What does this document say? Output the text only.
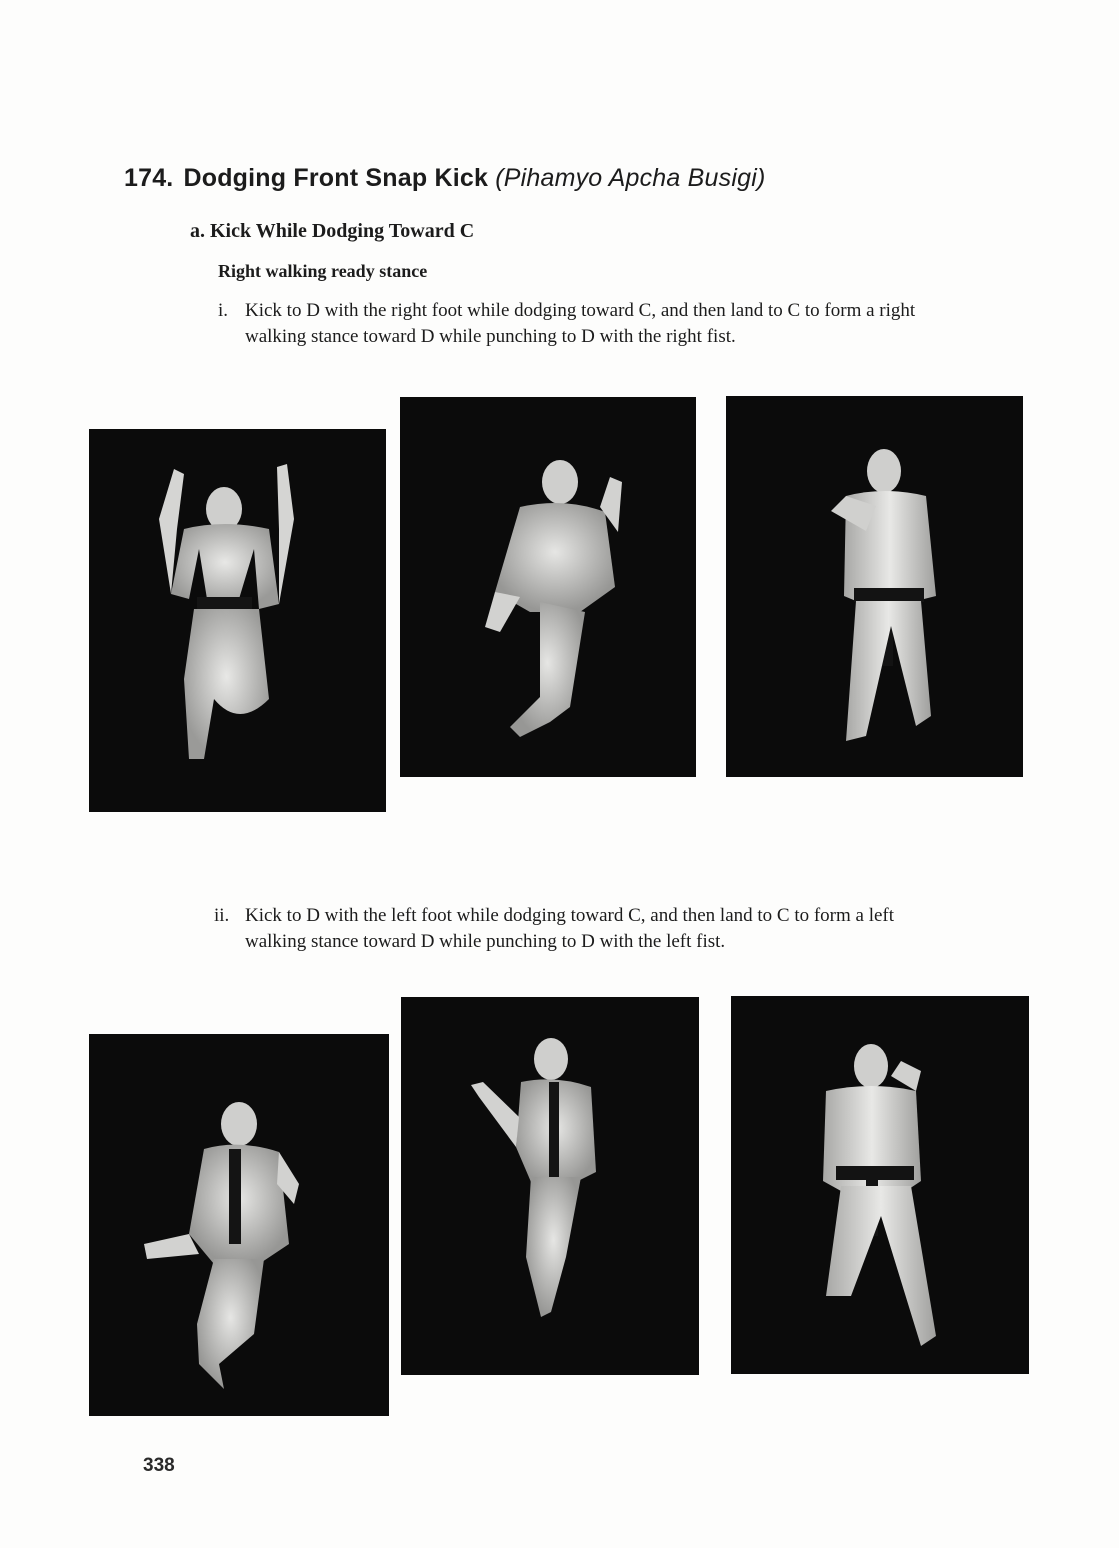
174. Dodging Front Snap Kick (Pihamyo Apcha Busigi)
a. Kick While Dodging Toward C
Right walking ready stance
i. Kick to D with the right foot while dodging toward C, and then land to C to form a right walking stance toward D while punching to D with the right fist.
ii. Kick to D with the left foot while dodging toward C, and then land to C to form a left walking stance toward D while punching to D with the left fist.
338
